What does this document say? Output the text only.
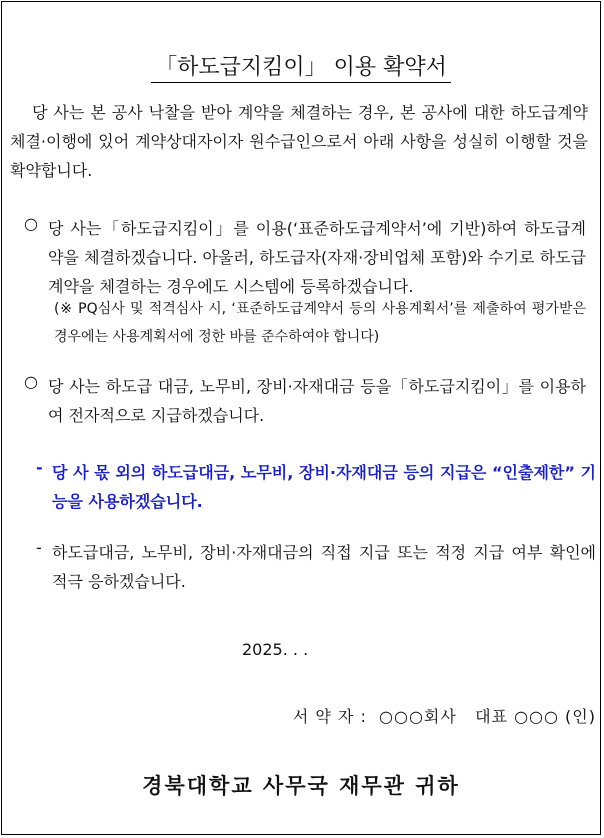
「하도급지킴이」 이용 확약서
당 사는 본 공사 낙찰을 받아 계약을 체결하는 경우, 본 공사에 대한 하도급계약 체결·이행에 있어 계약상대자이자 원수급인으로서 아래 사항을 성실히 이행할 것을 확약합니다.
○ 당 사는「하도급지킴이」를 이용(‘표준하도급계약서’에 기반)하여 하도급계약을 체결하겠습니다. 아울러, 하도급자(자재·장비업체 포함)와 수기로 하도급계약을 체결하는 경우에도 시스템에 등록하겠습니다.
(※ PQ심사 및 적격심사 시, ‘표준하도급계약서 등의 사용계획서’를 제출하여 평가받은 경우에는 사용계획서에 정한 바를 준수하여야 합니다)
○ 당 사는 하도급 대금, 노무비, 장비·자재대금 등을「하도급지킴이」를 이용하여 전자적으로 지급하겠습니다.
- 당 사 몫 외의 하도급대금, 노무비, 장비·자재대금 등의 지급은 “인출제한” 기능을 사용하겠습니다.
- 하도급대금, 노무비, 장비·자재대금의 직접 지급 또는 적정 지급 여부 확인에 적극 응하겠습니다.
2025. . .
서 약 자 :  ○○○회사   대표 ○○○ (인)
경북대학교 사무국 재무관 귀하
